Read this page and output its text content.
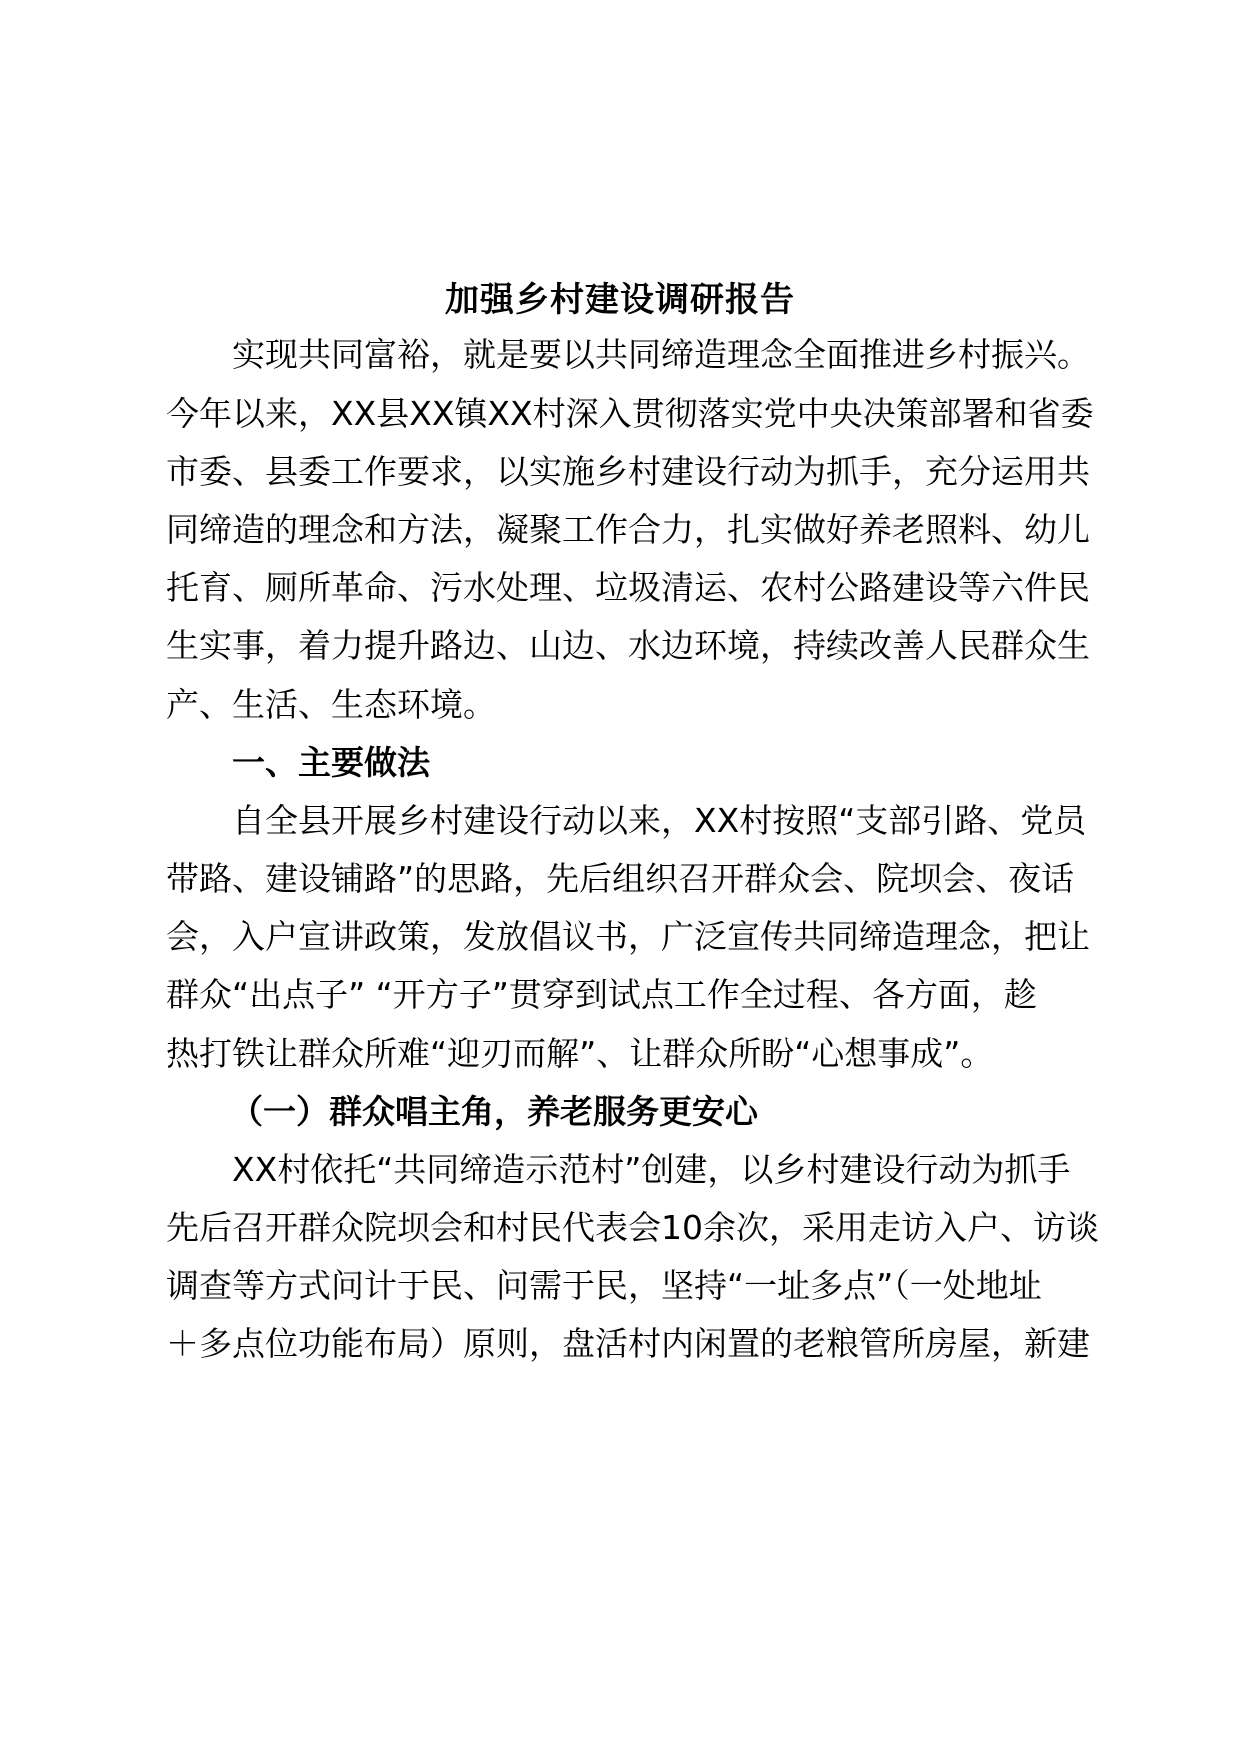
加强乡村建设调研报告
实现共同富裕，就是要以共同缔造理念全面推进乡村振兴。
今年以来，XX县XX镇XX村深入贯彻落实党中央决策部署和省委
市委、县委工作要求，以实施乡村建设行动为抓手，充分运用共
同缔造的理念和方法，凝聚工作合力，扎实做好养老照料、幼儿
托育、厕所革命、污水处理、垃圾清运、农村公路建设等六件民
生实事，着力提升路边、山边、水边环境，持续改善人民群众生
产、生活、生态环境。
一、主要做法
自全县开展乡村建设行动以来，XX村按照“支部引路、党员
带路、建设铺路”的思路，先后组织召开群众会、院坝会、夜话
会，入户宣讲政策，发放倡议书，广泛宣传共同缔造理念，把让
群众“出点子” “开方子”贯穿到试点工作全过程、各方面，趁
热打铁让群众所难“迎刃而解”、让群众所盼“心想事成”。
（一）群众唱主角，养老服务更安心
XX村依托“共同缔造示范村”创建，以乡村建设行动为抓手
先后召开群众院坝会和村民代表会10余次，采用走访入户、访谈
调查等方式问计于民、问需于民，坚持“一址多点”（一处地址
＋多点位功能布局）原则，盘活村内闲置的老粮管所房屋，新建
